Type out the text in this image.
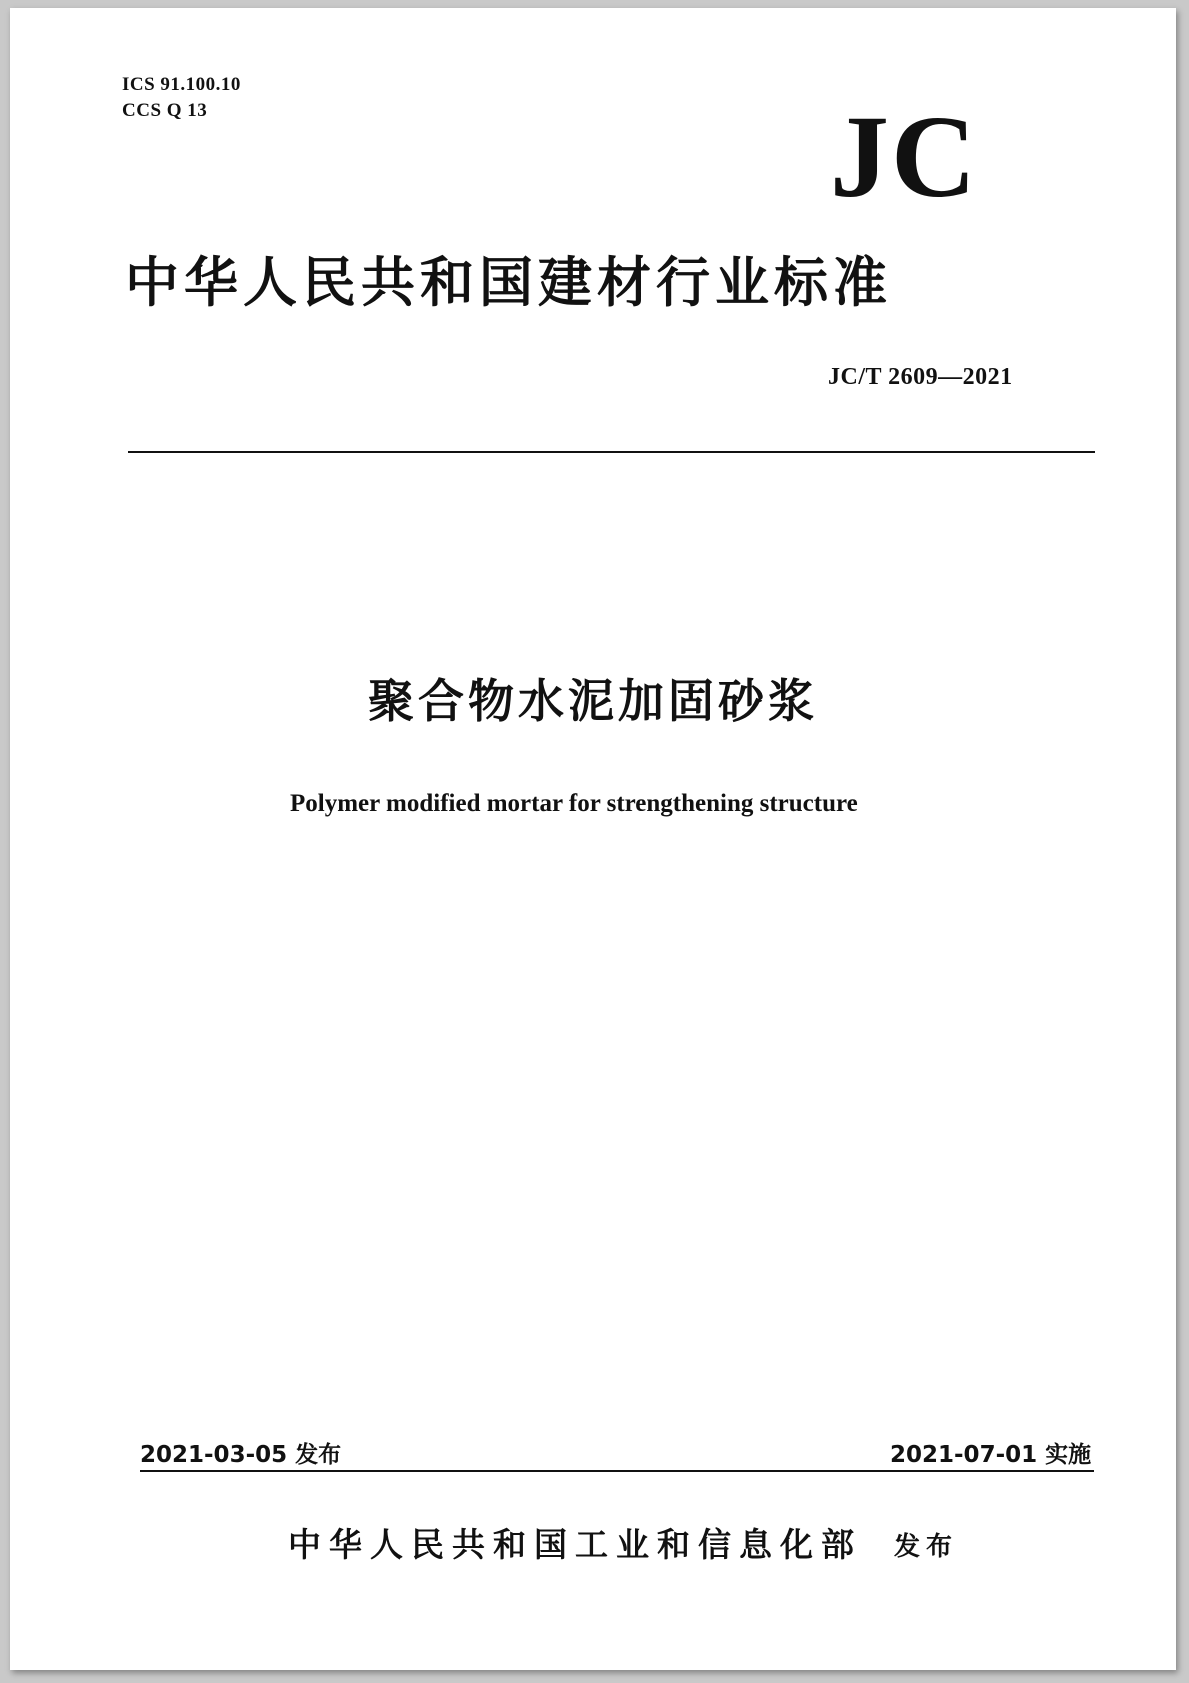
ICS 91.100.10
CCS Q 13	JC
中华人民共和国建材行业标准
JC/T 2609—2021
聚合物水泥加固砂浆
Polymer modified mortar for strengthening structure
2021-03-05 发布	2021-07-01 实施
中华人民共和国工业和信息化部 发布
